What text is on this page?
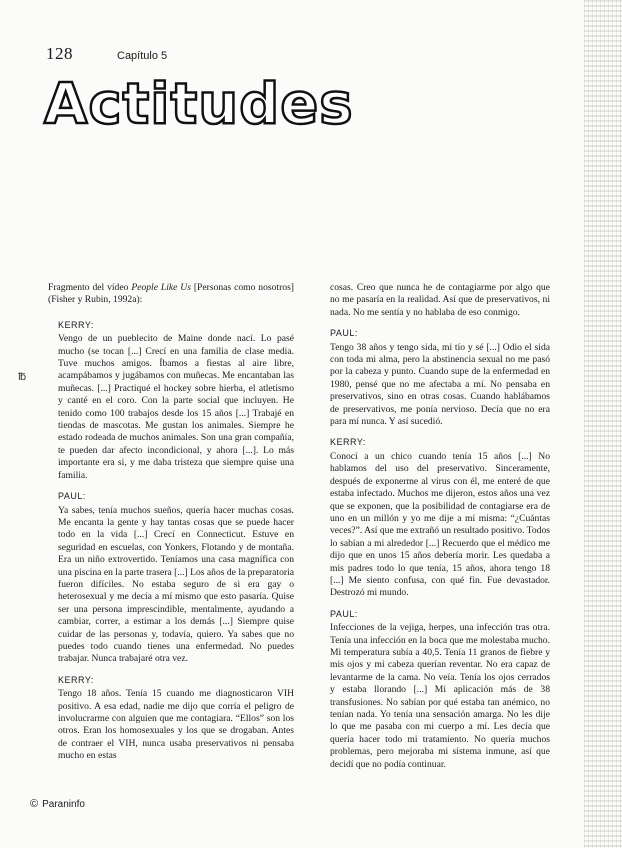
128	Capítulo 5
Actitudes

Fragmento del vídeo People Like Us [Personas como nosotros] (Fisher y Rubin, 1992a):

KERRY:

Vengo de un pueblecito de Maine donde nací. Lo pasé mucho (se tocan [...] Crecí en una familia de clase media. Tuve muchos amigos. Íbamos a fiestas al aire libre, acampábamos y jugábamos con muñecas. Me encantaban las muñecas. [...] Practiqué el hockey sobre hierba, el atletismo y canté en el coro. Con la parte social que incluyen. He tenido como 100 trabajos desde los 15 años [...] Trabajé en tiendas de mascotas. Me gustan los animales. Siempre he estado rodeada de muchos animales. Son una gran compañía, te pueden dar afecto incondicional, y ahora [...]. Lo más importante era si, y me daba tristeza que siempre quise una familia.

PAUL:

Ya sabes, tenía muchos sueños, quería hacer muchas cosas. Me encanta la gente y hay tantas cosas que se puede hacer todo en la vida [...] Crecí en Connecticut. Estuve en seguridad en escuelas, con Yonkers, Flotando y de montaña. Era un niño extrovertido. Teníamos una casa magnífica con una piscina en la parte trasera [...] Los años de la preparatoria fueron difíciles. No estaba seguro de si era gay o heterosexual y me decía a mí mismo que esto pasaría. Quise ser una persona imprescindible, mentalmente, ayudando a cambiar, correr, a estimar a los demás [...] Siempre quise cuidar de las personas y, todavía, quiero. Ya sabes que no puedes todo cuando tienes una enfermedad. No puedes trabajar. Nunca trabajaré otra vez.

KERRY:

Tengo 18 años. Tenía 15 cuando me diagnosticaron VIH positivo. A esa edad, nadie me dijo que corría el peligro de involucrarme con alguien que me contagiara. “Ellos” son los otros. Eran los homosexuales y los que se drogaban. Antes de contraer el VIH, nunca usaba preservativos ni pensaba mucho en estas

cosas. Creo que nunca he de contagiarme por algo que no me pasaría en la realidad. Así que de preservativos, ni nada. No me sentía y no hablaba de eso conmigo.

PAUL:

Tengo 38 años y tengo sida, mi tío y sé [...] Odio el sida con toda mi alma, pero la abstinencia sexual no me pasó por la cabeza y punto. Cuando supe de la enfermedad en 1980, pensé que no me afectaba a mí. No pensaba en preservativos, sino en otras cosas. Cuando hablábamos de preservativos, me ponía nervioso. Decía que no era para mí nunca. Y así sucedió.

KERRY:

Conocí a un chico cuando tenía 15 años [...] No hablamos del uso del preservativo. Sinceramente, después de exponerme al virus con él, me enteré de que estaba infectado. Muchos me dijeron, estos años una vez que se exponen, que la posibilidad de contagiarse era de uno en un millón y yo me dije a mí misma: “¿Cuántas veces?”. Así que me extrañó un resultado positivo. Todos lo sabían a mi alrededor [...] Recuerdo que el médico me dijo que en unos 15 años debería morir. Les quedaba a mis padres todo lo que tenía, 15 años, ahora tengo 18 [...] Me siento confusa, con qué fin. Fue devastador. Destrozó mi mundo.

PAUL:

Infecciones de la vejiga, herpes, una infección tras otra. Tenía una infección en la boca que me molestaba mucho. Mi temperatura subía a 40,5. Tenía 11 granos de fiebre y mis ojos y mi cabeza querían reventar. No era capaz de levantarme de la cama. No veía. Tenía los ojos cerrados y estaba llorando [...] Mi aplicación más de 38 transfusiones. No sabían por qué estaba tan anémico, no tenían nada. Yo tenía una sensación amarga. No les dije lo que me pasaba con mi cuerpo a mí. Les decía que quería hacer todo mi tratamiento. No quería muchos problemas, pero mejoraba mi sistema inmune, así que decidí que no podía continuar.

℔
© Paraninfo
